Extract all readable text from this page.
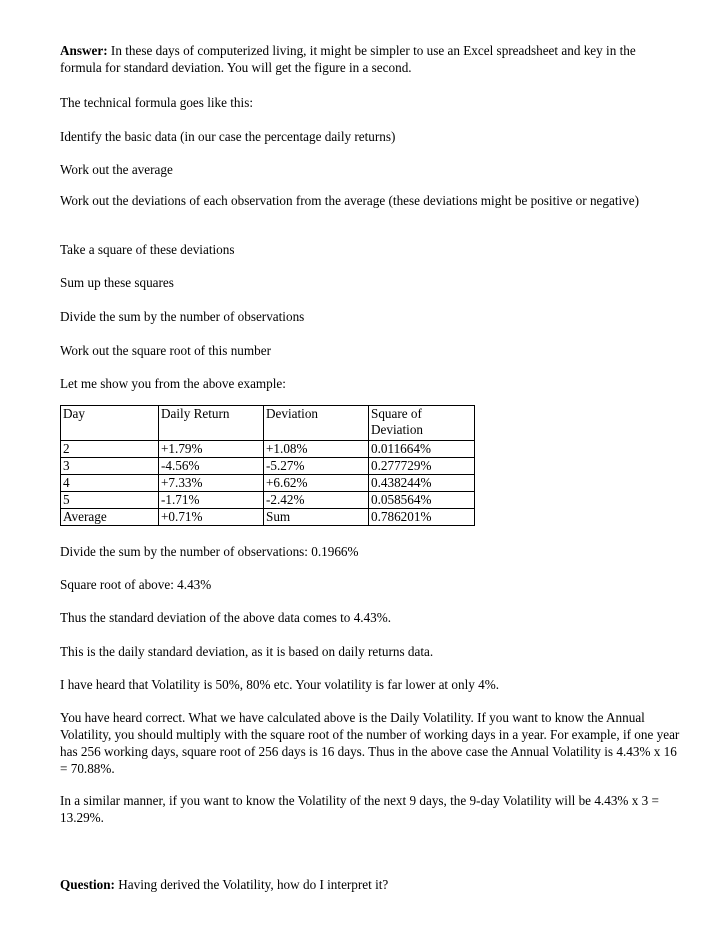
Answer: In these days of computerized living, it might be simpler to use an Excel spreadsheet and key in the formula for standard deviation. You will get the figure in a second.

The technical formula goes like this:

Identify the basic data (in our case the percentage daily returns)

Work out the average

Work out the deviations of each observation from the average (these deviations might be positive or negative)

Take a square of these deviations

Sum up these squares

Divide the sum by the number of observations

Work out the square root of this number

Let me show you from the above example:

Day	Daily Return	Deviation	Square of Deviation
2	+1.79%	+1.08%	0.011664%
3	-4.56%	-5.27%	0.277729%
4	+7.33%	+6.62%	0.438244%
5	-1.71%	-2.42%	0.058564%
Average	+0.71%	Sum	0.786201%

Divide the sum by the number of observations: 0.1966%

Square root of above: 4.43%

Thus the standard deviation of the above data comes to 4.43%.

This is the daily standard deviation, as it is based on daily returns data.

I have heard that Volatility is 50%, 80% etc. Your volatility is far lower at only 4%.

You have heard correct. What we have calculated above is the Daily Volatility. If you want to know the Annual Volatility, you should multiply with the square root of the number of working days in a year. For example, if one year has 256 working days, square root of 256 days is 16 days. Thus in the above case the Annual Volatility is 4.43% x 16 = 70.88%.

In a similar manner, if you want to know the Volatility of the next 9 days, the 9-day Volatility will be 4.43% x 3 = 13.29%.

Question: Having derived the Volatility, how do I interpret it?
